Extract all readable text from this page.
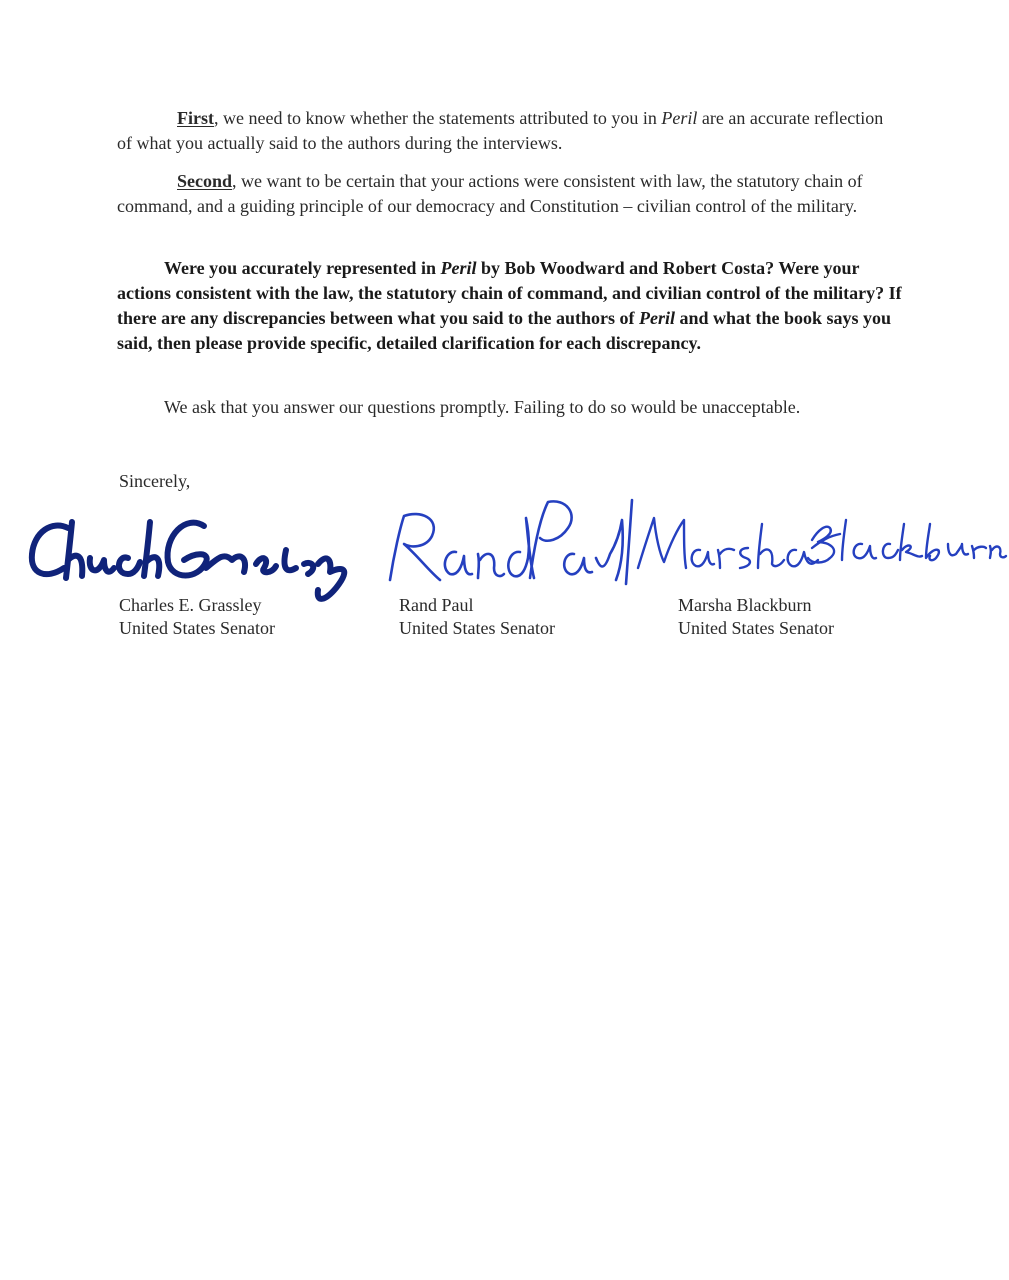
First, we need to know whether the statements attributed to you in Peril are an accurate reflection of what you actually said to the authors during the interviews.

Second, we want to be certain that your actions were consistent with law, the statutory chain of command, and a guiding principle of our democracy and Constitution – civilian control of the military.

Were you accurately represented in Peril by Bob Woodward and Robert Costa? Were your actions consistent with the law, the statutory chain of command, and civilian control of the military? If there are any discrepancies between what you said to the authors of Peril and what the book says you said, then please provide specific, detailed clarification for each discrepancy.

We ask that you answer our questions promptly. Failing to do so would be unacceptable.

Sincerely,
Charles E. Grassley
United States Senator
Rand Paul
United States Senator
Marsha Blackburn
United States Senator
